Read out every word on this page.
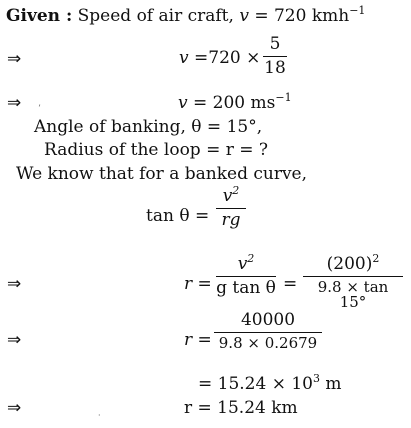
Given : Speed of air craft, v = 720 kmh$^{-1}$
⇒	v =720 ×
5
18
⇒ ʼ	v = 200 $ms^{-1}$
Angle of banking, θ = 15°,
Radius of the loop = r = ?
We know that for a banked curve,
tan θ =
$v^2$
rg
⇒	r =
$v^2$
g tan θ =
$(200)^2$
9.8 × tan 15°
⇒	r =
40000
9.8 × 0.2679
= $15.24 \times 10^3$ m
⇒	·	r = 15.24 km
